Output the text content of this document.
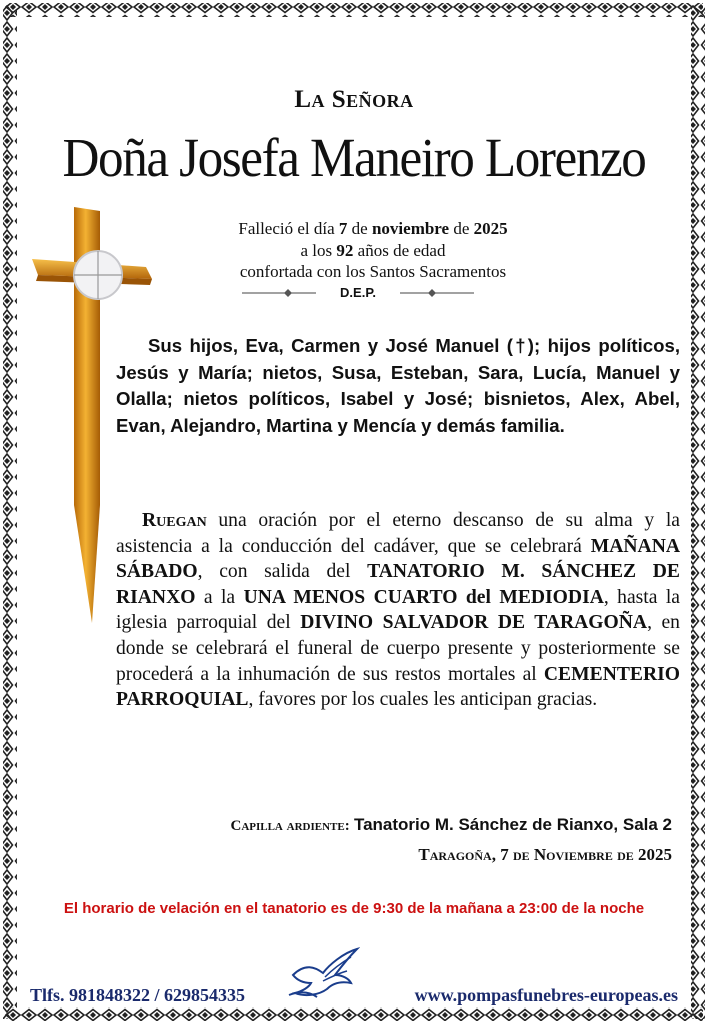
La Señora
Doña Josefa Maneiro Lorenzo
Falleció el día 7 de noviembre de 2025
a los 92 años de edad
confortada con los Santos Sacramentos
D.E.P.
Sus hijos, Eva, Carmen y José Manuel (†); hijos políticos, Jesús y María; nietos, Susa, Esteban, Sara, Lucía, Manuel y Olalla; nietos políticos, Isabel y José; bisnietos, Alex, Abel, Evan, Alejandro, Martina y Mencía y demás familia.
Ruegan una oración por el eterno descanso de su alma y la asistencia a la conducción del cadáver, que se celebrará MAÑANA SÁBADO, con salida del TANATORIO M. SÁNCHEZ DE RIANXO a la UNA MENOS CUARTO del MEDIODIA, hasta la iglesia parroquial del DIVINO SALVADOR DE TARAGOÑA, en donde se celebrará el funeral de cuerpo presente y posteriormente se procederá a la inhumación de sus restos mortales al CEMENTERIO PARROQUIAL, favores por los cuales les anticipan gracias.
Capilla ardiente: Tanatorio M. Sánchez de Rianxo, Sala 2
Taragoña, 7 de Noviembre de 2025
El horario de velación en el tanatorio es de 9:30 de la mañana a 23:00 de la noche
Tlfs. 981848322 / 629854335	www.pompasfunebres-europeas.es
